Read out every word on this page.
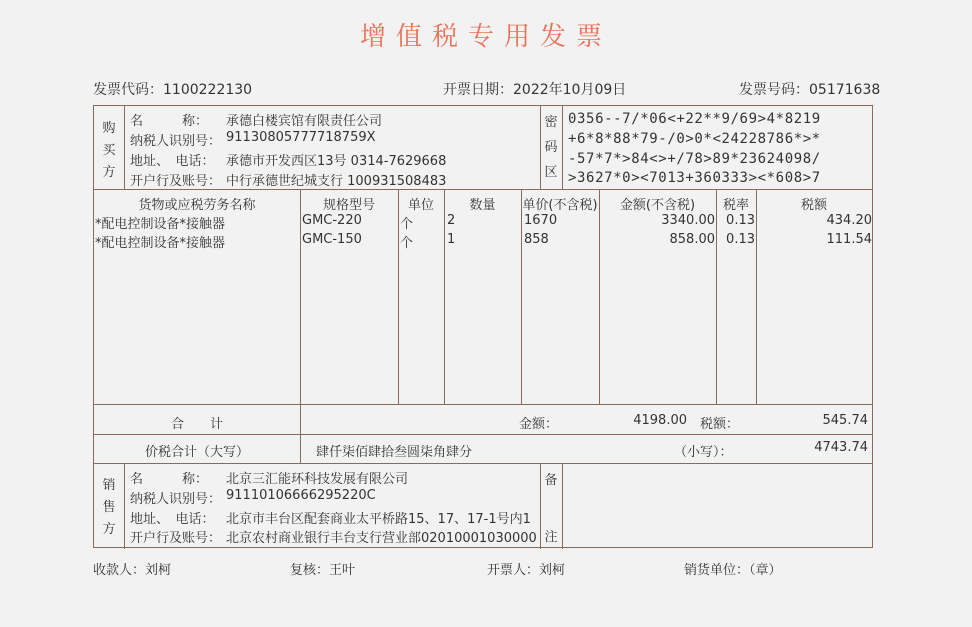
增值税专用发票
发票代码：1100222130	开票日期：2022年10月09日	发票号码：05171638
购
买
方
名　　　称： 承德白楼宾馆有限责任公司
纳税人识别号： 91130805777718759X
地址、　电话： 承德市开发西区13号 0314-7629668
开户行及账号： 中行承德世纪城支行 100931508483
密
码
区
0356--7/*06<+22**9/69>4*8219
+6*8*88*79-/0>0*<24228786*>*
-57*7*>84<>+/78>89*23624098/
>3627*0><7013+360333><*608>7
货物或应税劳务名称	规格型号	单位	数量	单价(不含税)	金额(不含税)	税率	税额
*配电控制设备*接触器	GMC-220	个	2	1670	3340.00 0.13	434.20
*配电控制设备*接触器	GMC-150	个	1	858	858.00 0.13	111.54
合　　计	金额：	4198.00 税额：	545.74
价税合计（大写）	肆仟柒佰肆拾叁圆柒角肆分	（小写）：	4743.74
销
售
方
名　　　称： 北京三汇能环科技发展有限公司
纳税人识别号： 91110106666295220C
地址、　电话： 北京市丰台区配套商业太平桥路15、17、17-1号内1
开户行及账号： 北京农村商业银行丰台支行营业部02010001030000
备
注
收款人：刘柯	复核：王叶	开票人：刘柯	销货单位：（章）
